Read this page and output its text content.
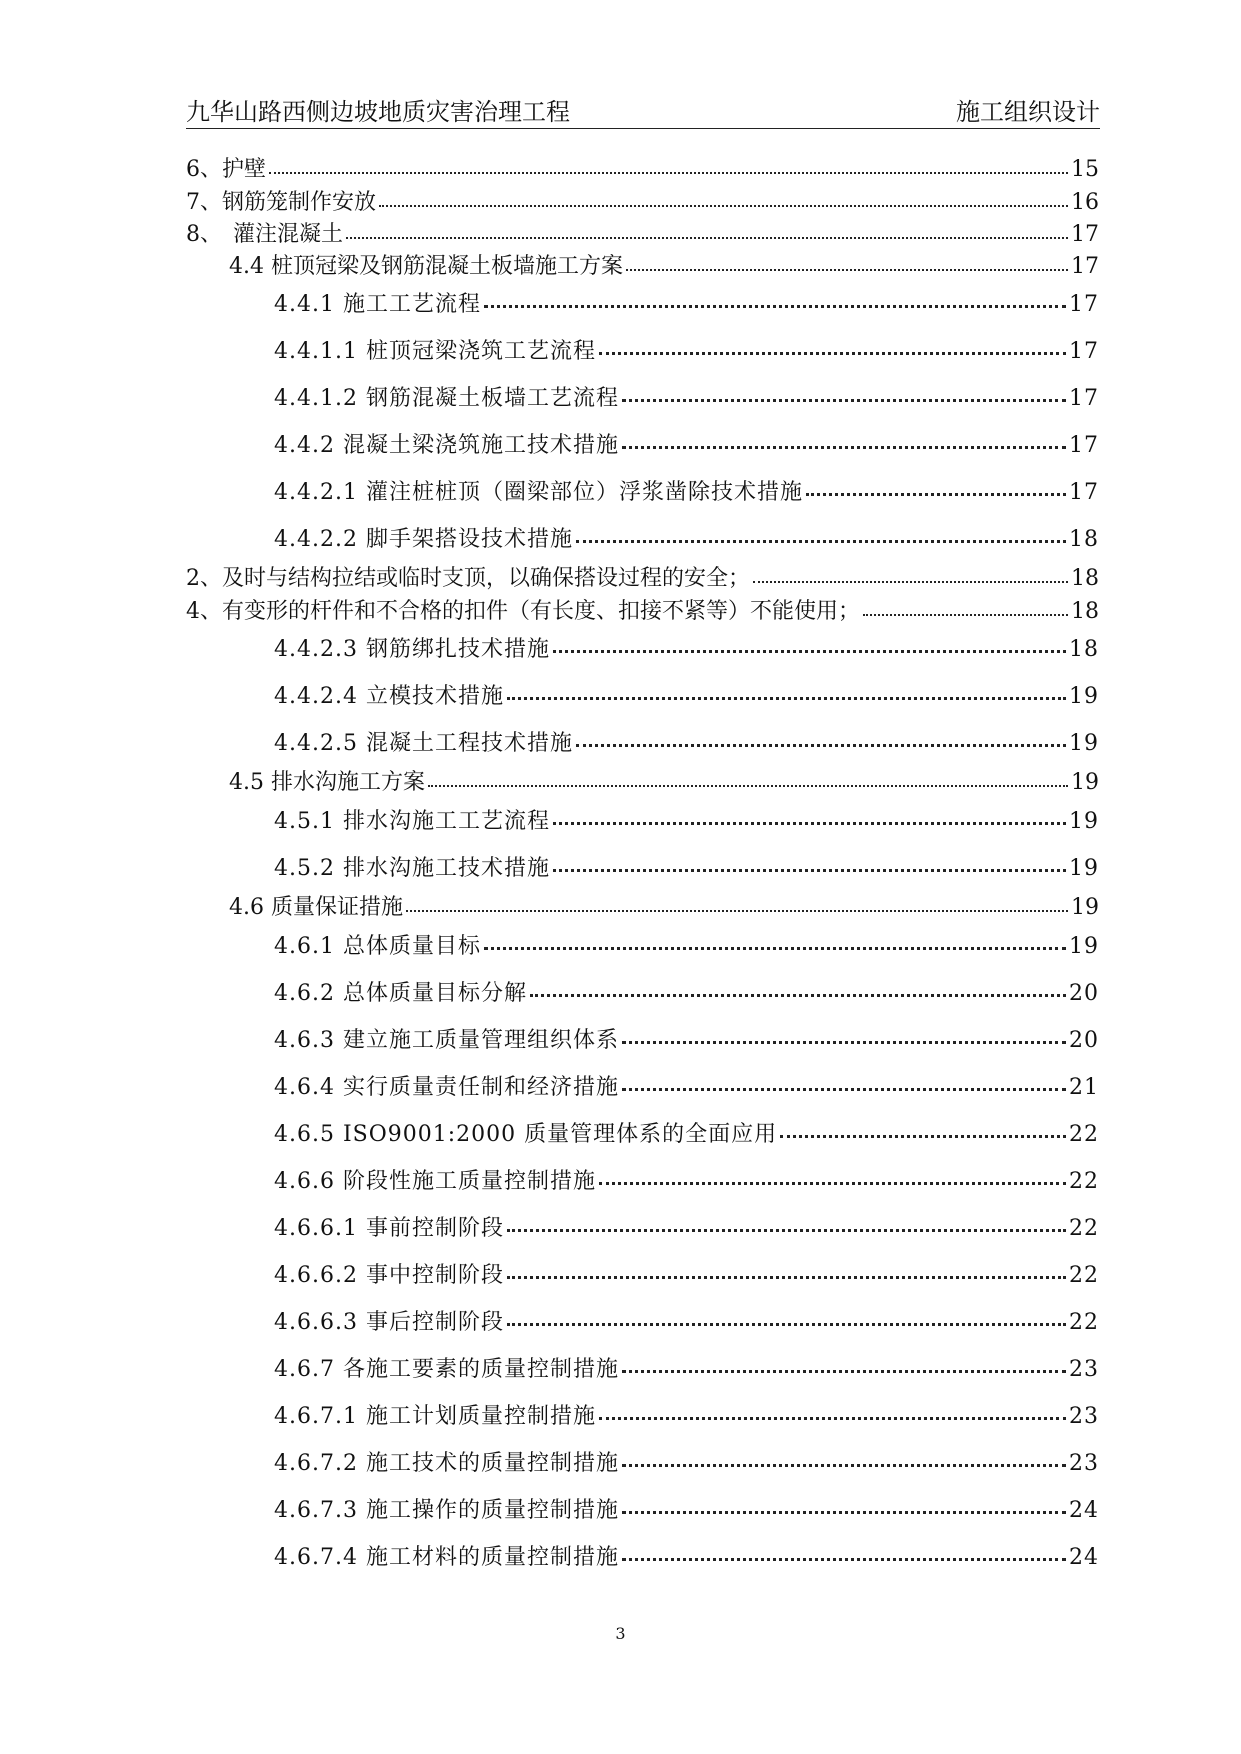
九华山路西侧边坡地质灾害治理工程	施工组织设计
6、护壁	15
7、钢筋笼制作安放	16
8、　灌注混凝土	17
4.4 桩顶冠梁及钢筋混凝土板墙施工方案	17
4.4.1 施工工艺流程	17
4.4.1.1 桩顶冠梁浇筑工艺流程	17
4.4.1.2 钢筋混凝土板墙工艺流程	17
4.4.2 混凝土梁浇筑施工技术措施	17
4.4.2.1 灌注桩桩顶（圈梁部位）浮浆凿除技术措施	17
4.4.2.2 脚手架搭设技术措施	18
2、及时与结构拉结或临时支顶，以确保搭设过程的安全；	18
4、有变形的杆件和不合格的扣件（有长度、扣接不紧等）不能使用；	18
4.4.2.3 钢筋绑扎技术措施	18
4.4.2.4 立模技术措施	19
4.4.2.5 混凝土工程技术措施	19
4.5 排水沟施工方案	19
4.5.1 排水沟施工工艺流程	19
4.5.2 排水沟施工技术措施	19
4.6 质量保证措施	19
4.6.1 总体质量目标	19
4.6.2 总体质量目标分解	20
4.6.3 建立施工质量管理组织体系	20
4.6.4 实行质量责任制和经济措施	21
4.6.5 ISO9001:2000 质量管理体系的全面应用	22
4.6.6 阶段性施工质量控制措施	22
4.6.6.1 事前控制阶段	22
4.6.6.2 事中控制阶段	22
4.6.6.3 事后控制阶段	22
4.6.7 各施工要素的质量控制措施	23
4.6.7.1 施工计划质量控制措施	23
4.6.7.2 施工技术的质量控制措施	23
4.6.7.3 施工操作的质量控制措施	24
4.6.7.4 施工材料的质量控制措施	24
3
